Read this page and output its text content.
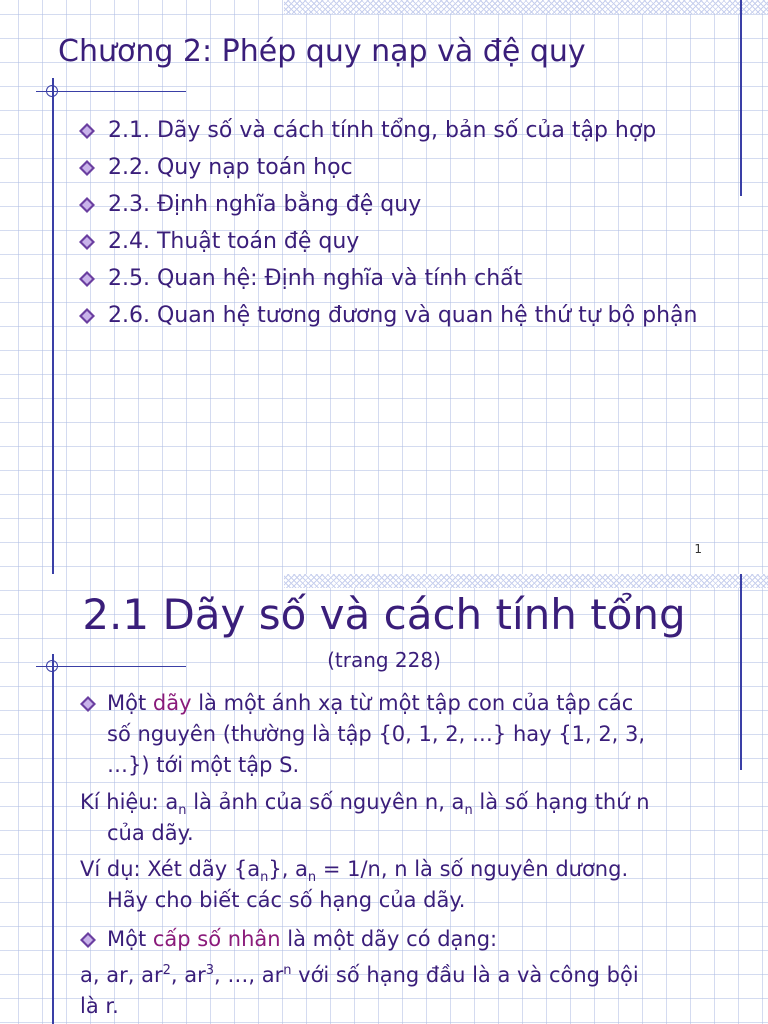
Chương 2: Phép quy nạp và đệ quy
2.1. Dãy số và cách tính tổng, bản số của tập hợp
2.2. Quy nạp toán học
2.3. Định nghĩa bằng đệ quy
2.4. Thuật toán đệ quy
2.5. Quan hệ: Định nghĩa và tính chất
2.6. Quan hệ tương đương và quan hệ thứ tự bộ phận
1
2.1 Dãy số và cách tính tổng
(trang 228)
Một dãy là một ánh xạ từ một tập con của tập các
số nguyên (thường là tập {0, 1, 2, …} hay {1, 2, 3,
…}) tới một tập S.
Kí hiệu: $a_n$ là ảnh của số nguyên n, $a_n$ là số hạng thứ n
của dãy.
Ví dụ: Xét dãy $\{a_n\}$, $a_n = 1/n$, n là số nguyên dương.
Hãy cho biết các số hạng của dãy.
Một cấp số nhân là một dãy có dạng:
a, ar, $ar^2$, $ar^3$, …, $ar^n$ với số hạng đầu là a và công bội
là r.
